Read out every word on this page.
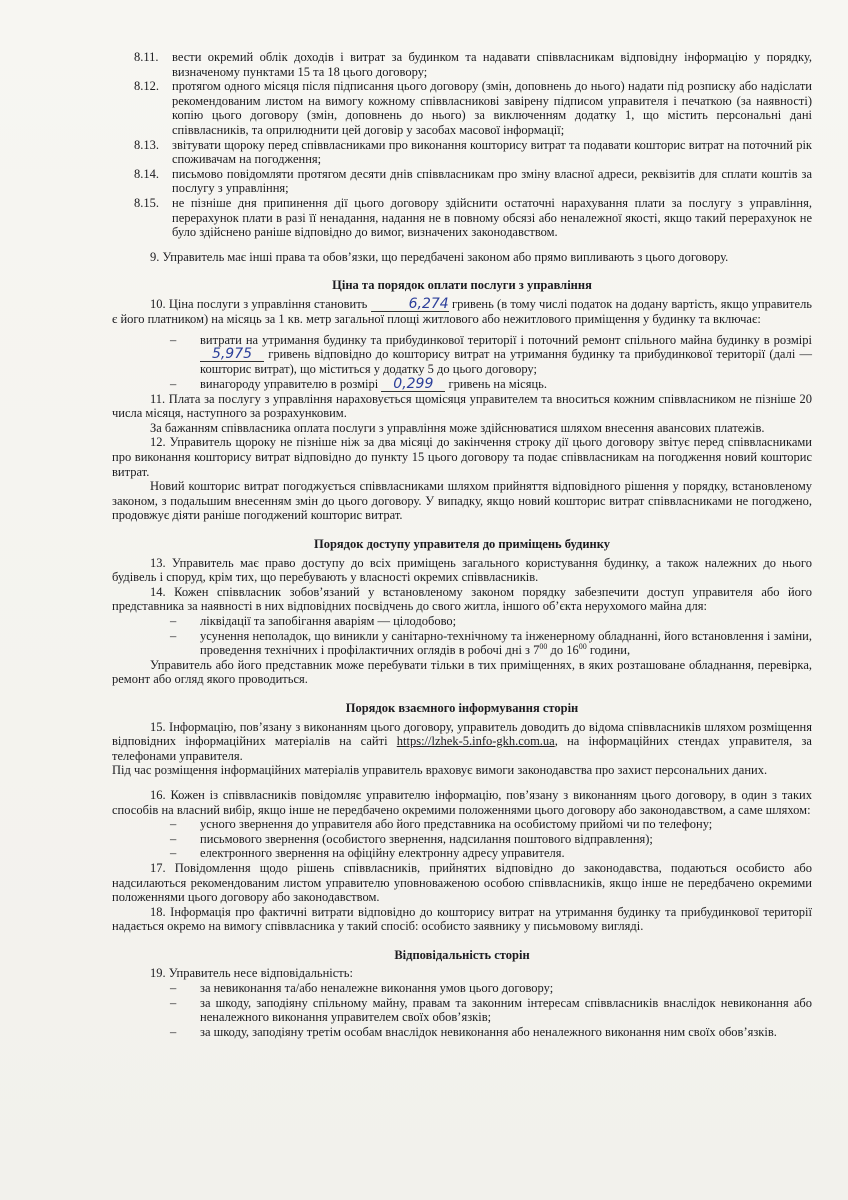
8.11. вести окремий облік доходів і витрат за будинком та надавати співвласникам відповідну інформацію у порядку, визначеному пунктами 15 та 18 цього договору;

8.12. протягом одного місяця після підписання цього договору (змін, доповнень до нього) надати під розписку або надіслати рекомендованим листом на вимогу кожному співвласникові завірену підписом управителя і печаткою (за наявності) копію цього договору (змін, доповнень до нього) за виключенням додатку 1, що містить персональні дані співвласників, та оприлюднити цей договір у засобах масової інформації;

8.13. звітувати щороку перед співвласниками про виконання кошторису витрат та подавати кошторис витрат на поточний рік споживачам на погодження;

8.14. письмово повідомляти протягом десяти днів співвласникам про зміну власної адреси, реквізитів для сплати коштів за послугу з управління;

8.15. не пізніше дня припинення дії цього договору здійснити остаточні нарахування плати за послугу з управління, перерахунок плати в разі її ненадання, надання не в повному обсязі або неналежної якості, якщо такий перерахунок не було здійснено раніше відповідно до вимог, визначених законодавством.

9. Управитель має інші права та обов’язки, що передбачені законом або прямо випливають з цього договору.

Ціна та порядок оплати послуги з управління

10. Ціна послуги з управління становить	6,274 гривень (в тому числі податок на додану вартість, якщо управитель є його платником) на місяць за 1 кв. метр загальної площі житлового або нежитлового приміщення у будинку та включає:

– витрати на утримання будинку та прибудинкової території і поточний ремонт спільного майна будинку в розмірі 5,975 гривень відповідно до кошторису витрат на утримання будинку та прибудинкової території (далі — кошторис витрат), що міститься у додатку 5 до цього договору;

– винагороду управителю в розмірі 0,299 гривень на місяць.

11. Плата за послугу з управління нараховується щомісяця управителем та вноситься кожним співвласником не пізніше 20 числа місяця, наступного за розрахунковим.

За бажанням співвласника оплата послуги з управління може здійснюватися шляхом внесення авансових платежів.

12. Управитель щороку не пізніше ніж за два місяці до закінчення строку дії цього договору звітує перед співвласниками про виконання кошторису витрат відповідно до пункту 15 цього договору та подає співвласникам на погодження новий кошторис витрат.

Новий кошторис витрат погоджується співвласниками шляхом прийняття відповідного рішення у порядку, встановленому законом, з подальшим внесенням змін до цього договору. У випадку, якщо новий кошторис витрат співвласниками не погоджено, продовжує діяти раніше погоджений кошторис витрат.

Порядок доступу управителя до приміщень будинку

13. Управитель має право доступу до всіх приміщень загального користування будинку, а також належних до нього будівель і споруд, крім тих, що перебувають у власності окремих співвласників.

14. Кожен співвласник зобов’язаний у встановленому законом порядку забезпечити доступ управителя або його представника за наявності в них відповідних посвідчень до свого житла, іншого об’єкта нерухомого майна для:

– ліквідації та запобігання аваріям — цілодобово;

– усунення неполадок, що виникли у санітарно-технічному та інженерному обладнанні, його встановлення і заміни, проведення технічних і профілактичних оглядів в робочі дні з $7^{00}$ до $16^{00}$ години,

Управитель або його представник може перебувати тільки в тих приміщеннях, в яких розташоване обладнання, перевірка, ремонт або огляд якого проводиться.

Порядок взаємного інформування сторін

15. Інформацію, пов’язану з виконанням цього договору, управитель доводить до відома співвласників шляхом розміщення відповідних інформаційних матеріалів на сайті https://lzhek-5.info-gkh.com.ua, на інформаційних стендах управителя, за телефонами управителя.

Під час розміщення інформаційних матеріалів управитель враховує вимоги законодавства про захист персональних даних.

16. Кожен із співвласників повідомляє управителю інформацію, пов’язану з виконанням цього договору, в один з таких способів на власний вибір, якщо інше не передбачено окремими положеннями цього договору або законодавством, а саме шляхом:

– усного звернення до управителя або його представника на особистому прийомі чи по телефону;

– письмового звернення (особистого звернення, надсилання поштового відправлення);

– електронного звернення на офіційну електронну адресу управителя.

17. Повідомлення щодо рішень співвласників, прийнятих відповідно до законодавства, подаються особисто або надсилаються рекомендованим листом управителю уповноваженою особою співвласників, якщо інше не передбачено окремими положеннями цього договору або законодавством.

18. Інформація про фактичні витрати відповідно до кошторису витрат на утримання будинку та прибудинкової території надається окремо на вимогу співвласника у такий спосіб: особисто заявнику у письмовому вигляді.

Відповідальність сторін

19. Управитель несе відповідальність:

– за невиконання та/або неналежне виконання умов цього договору;

– за шкоду, заподіяну спільному майну, правам та законним інтересам співвласників внаслідок невиконання або неналежного виконання управителем своїх обов’язків;

– за шкоду, заподіяну третім особам внаслідок невиконання або неналежного виконання ним своїх обов’язків.
